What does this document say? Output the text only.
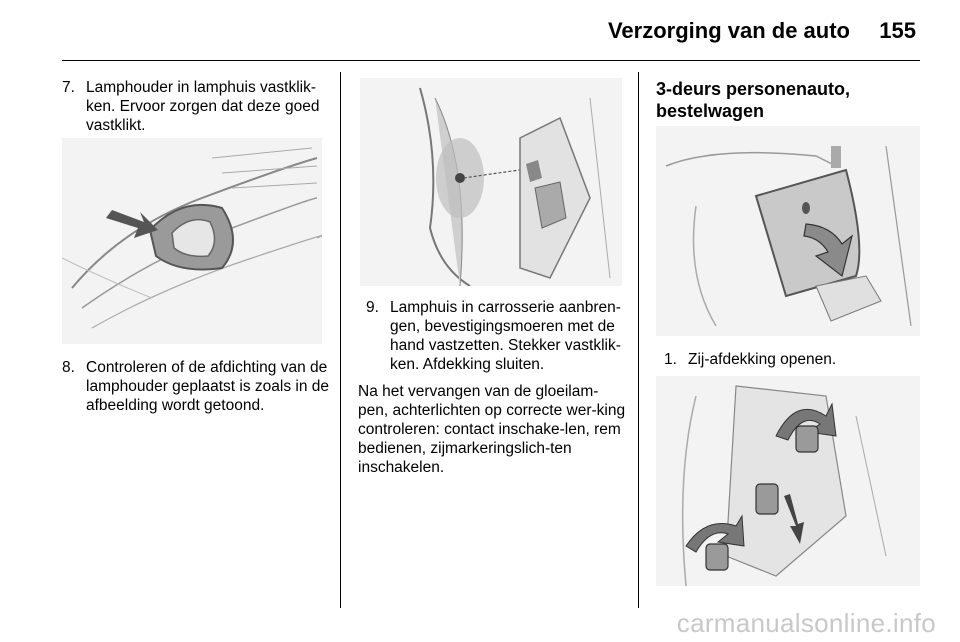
Verzorging van de auto 155
7. Lamphouder in lamphuis vastklik-ken. Ervoor zorgen dat deze goed vastklikt.
8. Controleren of de afdichting van de lamphouder geplaatst is zoals in de afbeelding wordt getoond.
9. Lamphuis in carrosserie aanbren-gen, bevestigingsmoeren met de hand vastzetten. Stekker vastklik-ken. Afdekking sluiten.

Na het vervangen van de gloeilam-pen, achterlichten op correcte wer-king controleren: contact inschake-len, rem bedienen, zijmarkeringslich-ten inschakelen.

3-deurs personenauto, bestelwagen
1. Zij-afdekking openen.
carmanualsonline.info
